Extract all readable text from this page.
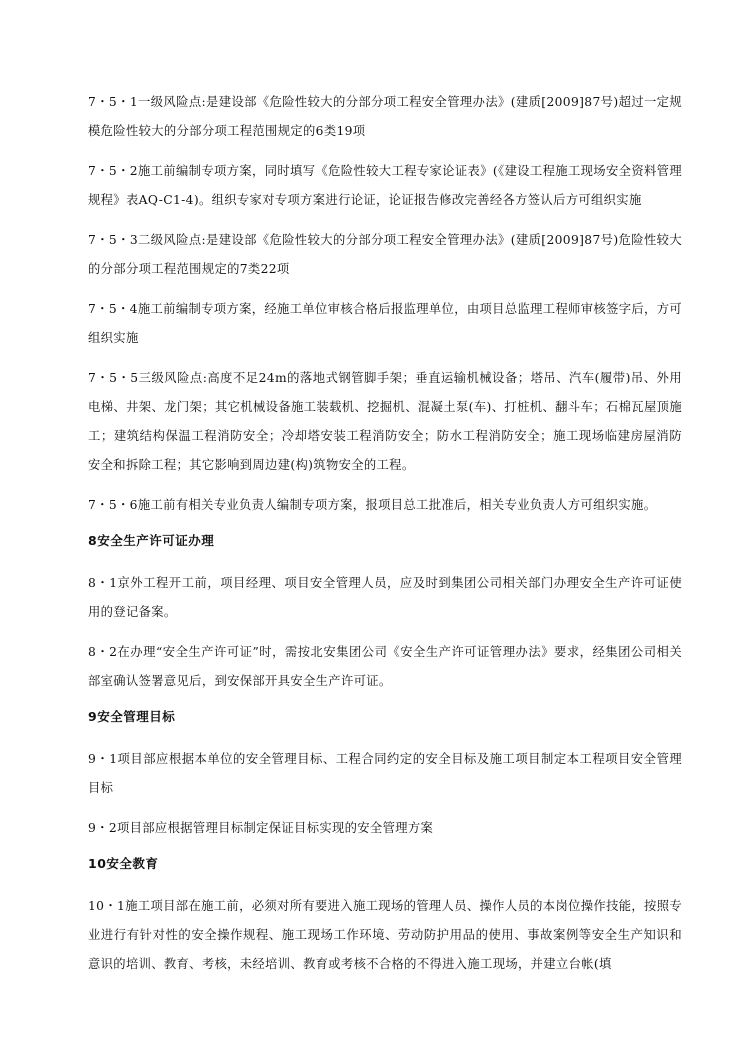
7・5・1一级风险点:是建设部《危险性较大的分部分项工程安全管理办法》(建质[2009]87号)超过一定规模危险性较大的分部分项工程范围规定的6类19项

7・5・2施工前编制专项方案，同时填写《危险性较大工程专家论证表》(《建设工程施工现场安全资料管理规程》表AQ-C1-4)。组织专家对专项方案进行论证，论证报告修改完善经各方签认后方可组织实施

7・5・3二级风险点:是建设部《危险性较大的分部分项工程安全管理办法》(建质[2009]87号)危险性较大的分部分项工程范围规定的7类22项

7・5・4施工前编制专项方案，经施工单位审核合格后报监理单位，由项目总监理工程师审核签字后，方可组织实施

7・5・5三级风险点:高度不足24m的落地式钢管脚手架；垂直运输机械设备；塔吊、汽车(履带)吊、外用电梯、井架、龙门架；其它机械设备施工装载机、挖掘机、混凝土泵(车)、打桩机、翻斗车；石棉瓦屋顶施工；建筑结构保温工程消防安全；冷却塔安装工程消防安全；防水工程消防安全；施工现场临建房屋消防安全和拆除工程；其它影响到周边建(构)筑物安全的工程。

7・5・6施工前有相关专业负责人编制专项方案，报项目总工批准后，相关专业负责人方可组织实施。

8安全生产许可证办理

8・1京外工程开工前，项目经理、项目安全管理人员，应及时到集团公司相关部门办理安全生产许可证使用的登记备案。

8・2在办理“安全生产许可证”时，需按北安集团公司《安全生产许可证管理办法》要求，经集团公司相关部室确认签署意见后，到安保部开具安全生产许可证。

9安全管理目标

9・1项目部应根据本单位的安全管理目标、工程合同约定的安全目标及施工项目制定本工程项目安全管理目标

9・2项目部应根据管理目标制定保证目标实现的安全管理方案

10安全教育

10・1施工项目部在施工前，必须对所有要进入施工现场的管理人员、操作人员的本岗位操作技能，按照专业进行有针对性的安全操作规程、施工现场工作环境、劳动防护用品的使用、事故案例等安全生产知识和意识的培训、教育、考核，未经培训、教育或考核不合格的不得进入施工现场，并建立台帐(填
